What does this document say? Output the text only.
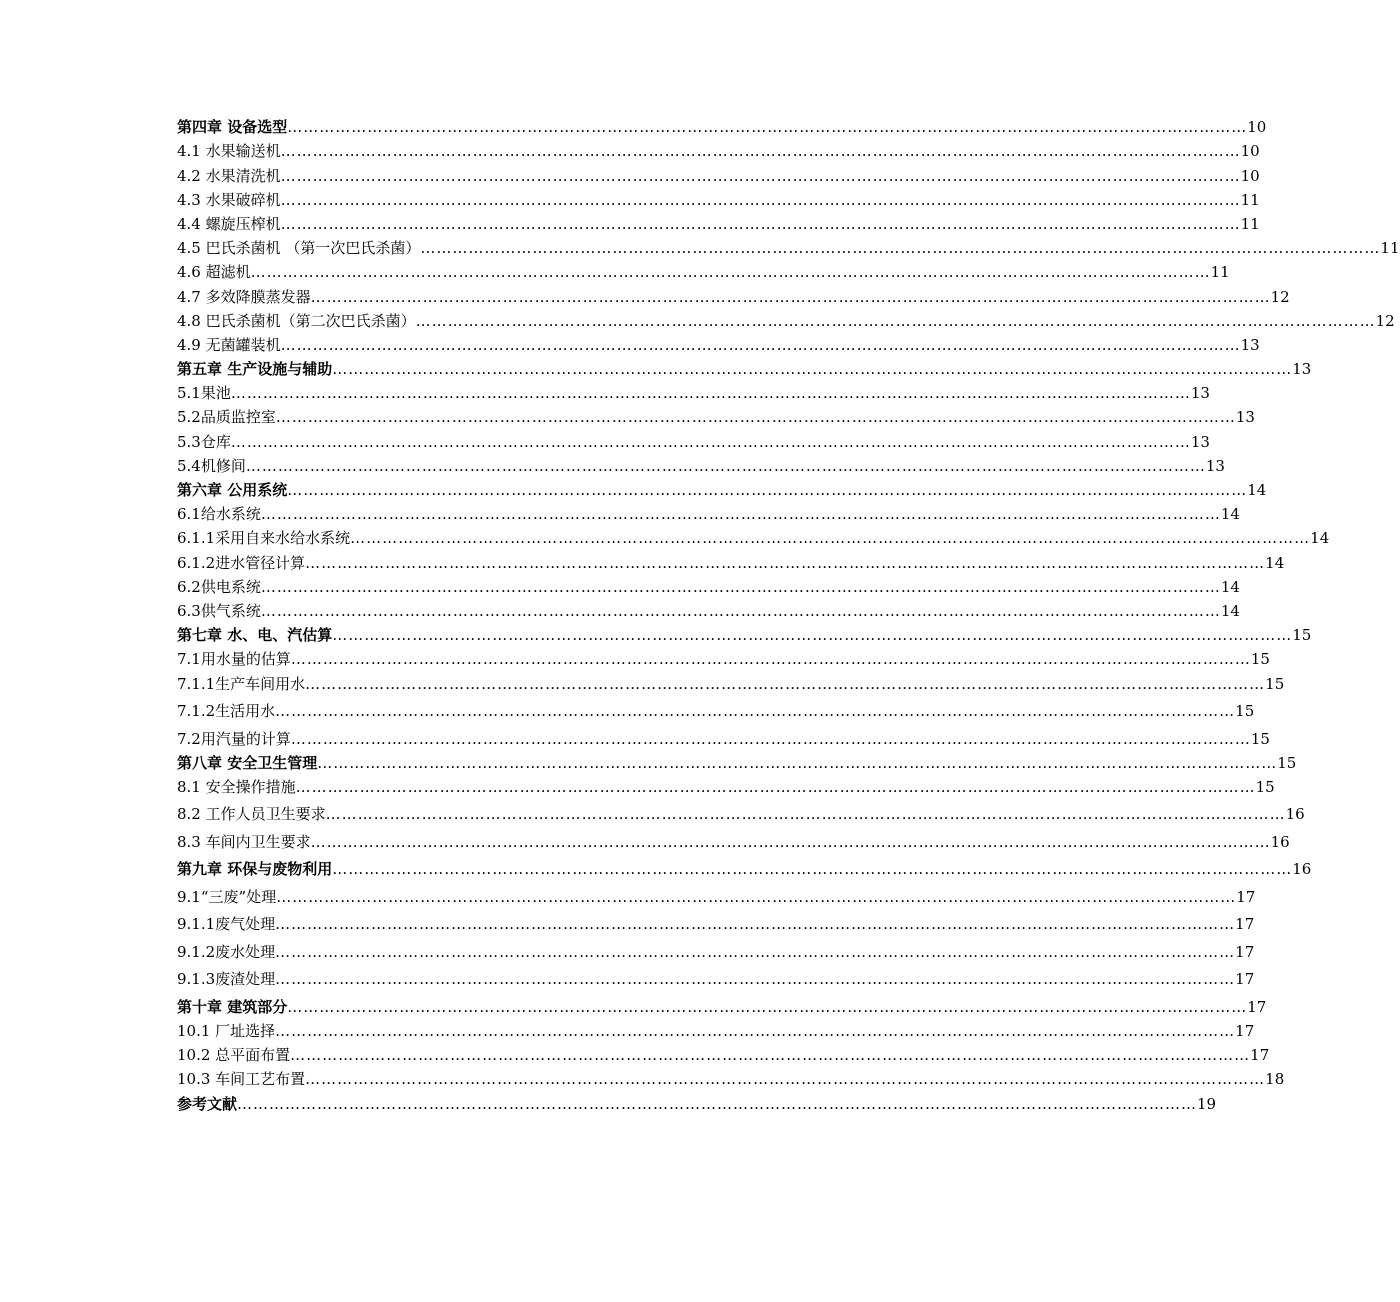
第四章 设备选型 ……………………………………………………………………………………………………………………………………………………………… 10
4.1 水果输送机 ……………………………………………………………………………………………………………………………………………………………… 10
4.2 水果清洗机 ……………………………………………………………………………………………………………………………………………………………… 10
4.3 水果破碎机 ……………………………………………………………………………………………………………………………………………………………… 11
4.4 螺旋压榨机 ……………………………………………………………………………………………………………………………………………………………… 11
4.5 巴氏杀菌机 （第一次巴氏杀菌） ……………………………………………………………………………………………………………………………………………………………… 11
4.6 超滤机 ……………………………………………………………………………………………………………………………………………………………… 11
4.7 多效降膜蒸发器 ……………………………………………………………………………………………………………………………………………………………… 12
4.8 巴氏杀菌机（第二次巴氏杀菌） ……………………………………………………………………………………………………………………………………………………………… 12
4.9 无菌罐装机 ……………………………………………………………………………………………………………………………………………………………… 13
第五章 生产设施与辅助 ……………………………………………………………………………………………………………………………………………………………… 13
5.1果池 ……………………………………………………………………………………………………………………………………………………………… 13
5.2品质监控室 ……………………………………………………………………………………………………………………………………………………………… 13
5.3仓库 ……………………………………………………………………………………………………………………………………………………………… 13
5.4机修间 ……………………………………………………………………………………………………………………………………………………………… 13
第六章 公用系统 ……………………………………………………………………………………………………………………………………………………………… 14
6.1给水系统 ……………………………………………………………………………………………………………………………………………………………… 14
6.1.1采用自来水给水系统 ……………………………………………………………………………………………………………………………………………………………… 14
6.1.2进水管径计算 ……………………………………………………………………………………………………………………………………………………………… 14
6.2供电系统 ……………………………………………………………………………………………………………………………………………………………… 14
6.3供气系统 ……………………………………………………………………………………………………………………………………………………………… 14
第七章 水、电、汽估算 ……………………………………………………………………………………………………………………………………………………………… 15
7.1用水量的估算 ……………………………………………………………………………………………………………………………………………………………… 15
7.1.1生产车间用水 ……………………………………………………………………………………………………………………………………………………………… 15
7.1.2生活用水 ……………………………………………………………………………………………………………………………………………………………… 15
7.2用汽量的计算 ……………………………………………………………………………………………………………………………………………………………… 15
第八章 安全卫生管理 ……………………………………………………………………………………………………………………………………………………………… 15
8.1 安全操作措施 ……………………………………………………………………………………………………………………………………………………………… 15
8.2 工作人员卫生要求 ……………………………………………………………………………………………………………………………………………………………… 16
8.3 车间内卫生要求 ……………………………………………………………………………………………………………………………………………………………… 16
第九章 环保与废物利用 ……………………………………………………………………………………………………………………………………………………………… 16
9.1“三废”处理 ……………………………………………………………………………………………………………………………………………………………… 17
9.1.1废气处理 ……………………………………………………………………………………………………………………………………………………………… 17
9.1.2废水处理 ……………………………………………………………………………………………………………………………………………………………… 17
9.1.3废渣处理 ……………………………………………………………………………………………………………………………………………………………… 17
第十章 建筑部分 ……………………………………………………………………………………………………………………………………………………………… 17
10.1 厂址选择 ……………………………………………………………………………………………………………………………………………………………… 17
10.2 总平面布置 ……………………………………………………………………………………………………………………………………………………………… 17
10.3 车间工艺布置 ……………………………………………………………………………………………………………………………………………………………… 18
参考文献 ……………………………………………………………………………………………………………………………………………………………… 19
